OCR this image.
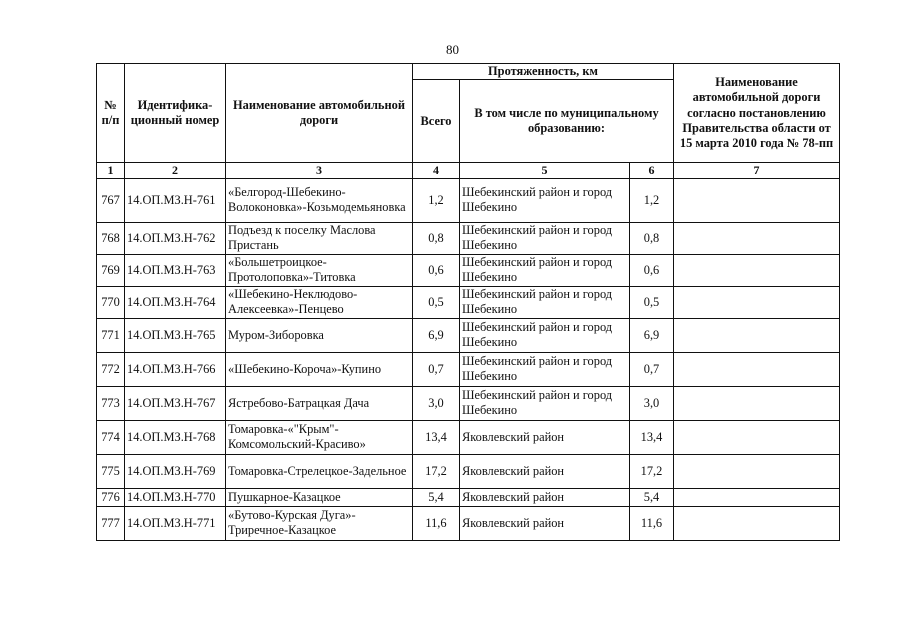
80
№ п/п	Идентифика-ционный номер	Наименование автомобильной дороги	Протяженность, км			Наименование автомобильной дороги согласно постановлению Правительства области от 15 марта 2010 года № 78-пп
			Всего	В том числе по муниципальному образованию:		
1	2	3	4	5	6	7
767	14.ОП.МЗ.Н-761	«Белгород-Шебекино-Волоконовка»-Козьмодемьяновка	1,2	Шебекинский район и город Шебекино	1,2	
768	14.ОП.МЗ.Н-762	Подъезд к поселку Маслова Пристань	0,8	Шебекинский район и город Шебекино	0,8	
769	14.ОП.МЗ.Н-763	«Большетроицкое-Протолоповка»-Титовка	0,6	Шебекинский район и город Шебекино	0,6	
770	14.ОП.МЗ.Н-764	«Шебекино-Неклюдово-Алексеевка»-Пенцево	0,5	Шебекинский район и город Шебекино	0,5	
771	14.ОП.МЗ.Н-765	Муром-Зиборовка	6,9	Шебекинский район и город Шебекино	6,9	
772	14.ОП.МЗ.Н-766	«Шебекино-Короча»-Купино	0,7	Шебекинский район и город Шебекино	0,7	
773	14.ОП.МЗ.Н-767	Ястребово-Батрацкая Дача	3,0	Шебекинский район и город Шебекино	3,0	
774	14.ОП.МЗ.Н-768	Томаровка-«"Крым"-Комсомольский-Красиво»	13,4	Яковлевский район	13,4	
775	14.ОП.МЗ.Н-769	Томаровка-Стрелецкое-Задельное	17,2	Яковлевский район	17,2	
776	14.ОП.МЗ.Н-770	Пушкарное-Казацкое	5,4	Яковлевский район	5,4	
777	14.ОП.МЗ.Н-771	«Бутово-Курская Дуга»-Триречное-Казацкое	11,6	Яковлевский район	11,6	
